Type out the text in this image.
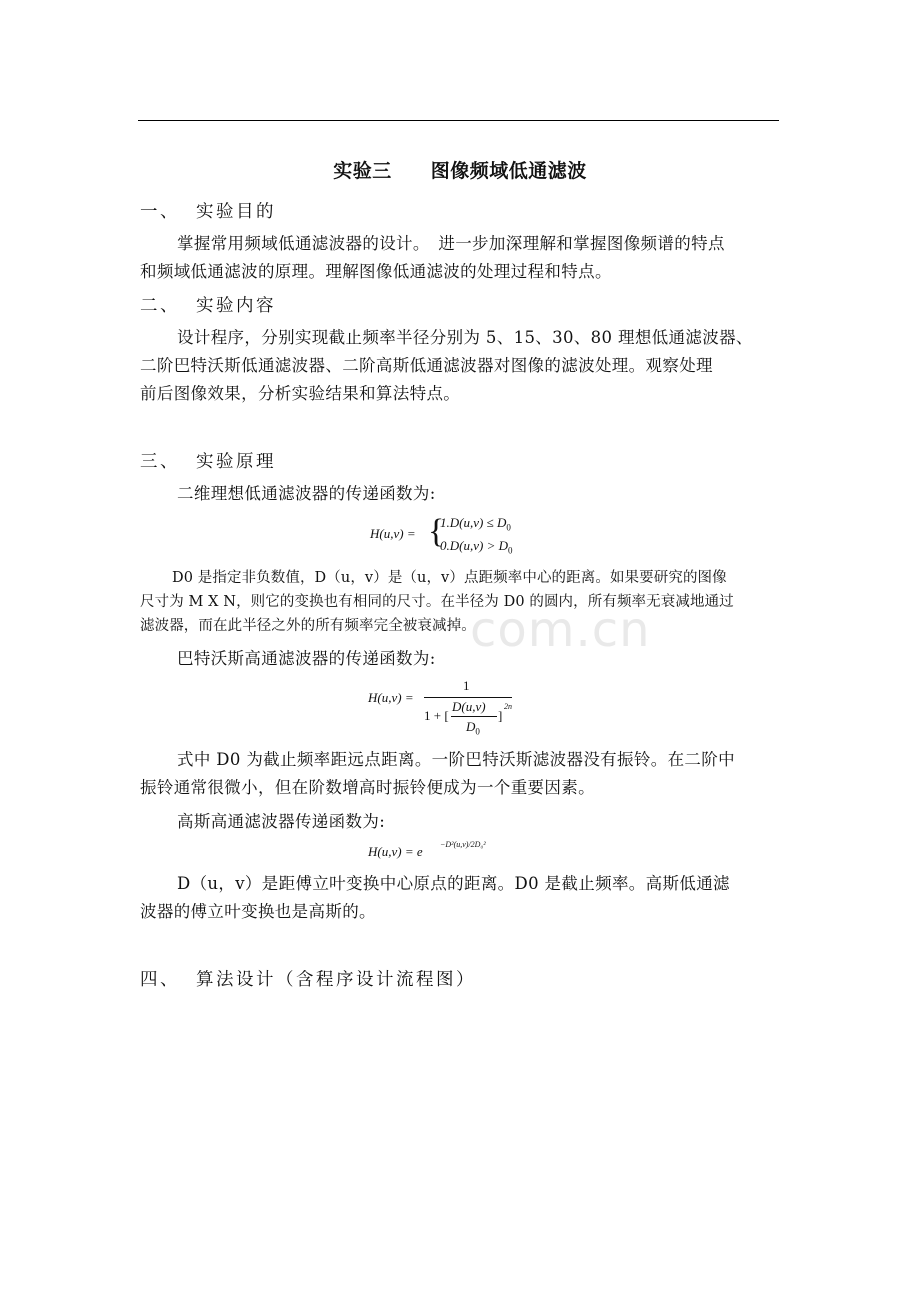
com.cn
实验三　　图像频域低通滤波
一、 实验目的
掌握常用频域低通滤波器的设计。　进一步加深理解和掌握图像频谱的特点
和频域低通滤波的原理。理解图像低通滤波的处理过程和特点。
二、 实验内容
设计程序，分别实现截止频率半径分别为 5、15、30、80 理想低通滤波器、
二阶巴特沃斯低通滤波器、二阶高斯低通滤波器对图像的滤波处理。观察处理
前后图像效果，分析实验结果和算法特点。
三、 实验原理
二维理想低通滤波器的传递函数为:
H(u,v) = {
$1.D(u,v) \le D_0$
$0.D(u,v) > D_0$
D0 是指定非负数值，D（u，v）是（u，v）点距频率中心的距离。如果要研究的图像
尺寸为 M X N，则它的变换也有相同的尺寸。在半径为 D0 的圆内，所有频率无衰减地通过
滤波器，而在此半径之外的所有频率完全被衰减掉。
巴特沃斯高通滤波器的传递函数为:
H(u,v) =
1
1 + [
D(u,v)
$D_0$
]
2n
式中 D0 为截止频率距远点距离。一阶巴特沃斯滤波器没有振铃。在二阶中
振铃通常很微小，但在阶数增高时振铃便成为一个重要因素。
高斯高通滤波器传递函数为:
H(u,v) = e −D²(u,v)/2D₀²
D（u，v）是距傅立叶变换中心原点的距离。D0 是截止频率。高斯低通滤
波器的傅立叶变换也是高斯的。
四、 算法设计（含程序设计流程图）
